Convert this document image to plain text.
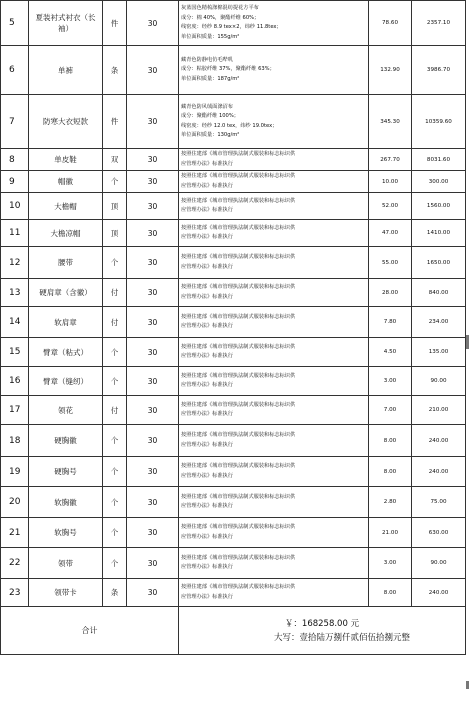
5	夏装衬式衬衣（长袖）	件	30	灰蓝国色精梳涤棉混纺提花方平布
成分：棉 40%，聚酯纤维 60%；
线密度：经纱 8.9 tex×2，纬纱 11.8tex；
单位面积质量：155g/m²	78.60	2357.10
6	单裤	条	30	藏青色防静电仿毛哔叽
成分：粘胶纤维 37%，聚酯纤维 63%；
单位面积质量：187g/m²	132.90	3986.70
7	防寒大衣短款	件	30	藏青色防风绒面涤沼布
成分：聚酯纤维 100%；
线密度：经纱 12.0 tex，纬纱 19.0tex；
单位面积质量：130g/m²	345.30	10359.60
8	单皮鞋	双	30	按照住建部《城市管理执法制式服装和标志标识供
应管理办法》标准执行	267.70	8031.60
9	帽徽	个	30	按照住建部《城市管理执法制式服装和标志标识供
应管理办法》标准执行	10.00	300.00
10	大檐帽	顶	30	按照住建部《城市管理执法制式服装和标志标识供
应管理办法》标准执行	52.00	1560.00
11	大檐凉帽	顶	30	按照住建部《城市管理执法制式服装和标志标识供
应管理办法》标准执行	47.00	1410.00
12	腰带	个	30	按照住建部《城市管理执法制式服装和标志标识供
应管理办法》标准执行	55.00	1650.00
13	硬肩章（含徽）	付	30	按照住建部《城市管理执法制式服装和标志标识供
应管理办法》标准执行	28.00	840.00
14	软肩章	付	30	按照住建部《城市管理执法制式服装和标志标识供
应管理办法》标准执行	7.80	234.00
15	臂章（粘式）	个	30	按照住建部《城市管理执法制式服装和标志标识供
应管理办法》标准执行	4.50	135.00
16	臂章（缝纫）	个	30	按照住建部《城市管理执法制式服装和标志标识供
应管理办法》标准执行	3.00	90.00
17	领花	付	30	按照住建部《城市管理执法制式服装和标志标识供
应管理办法》标准执行	7.00	210.00
18	硬胸徽	个	30	按照住建部《城市管理执法制式服装和标志标识供
应管理办法》标准执行	8.00	240.00
19	硬胸号	个	30	按照住建部《城市管理执法制式服装和标志标识供
应管理办法》标准执行	8.00	240.00
20	软胸徽	个	30	按照住建部《城市管理执法制式服装和标志标识供
应管理办法》标准执行	2.80	75.00
21	软胸号	个	30	按照住建部《城市管理执法制式服装和标志标识供
应管理办法》标准执行	21.00	630.00
22	领带	个	30	按照住建部《城市管理执法制式服装和标志标识供
应管理办法》标准执行	3.00	90.00
23	领带卡	条	30	按照住建部《城市管理执法制式服装和标志标识供
应管理办法》标准执行	8.00	240.00
合计				￥：168258.00 元
大写：壹拾陆万捌仟贰佰伍拾捌元整		
